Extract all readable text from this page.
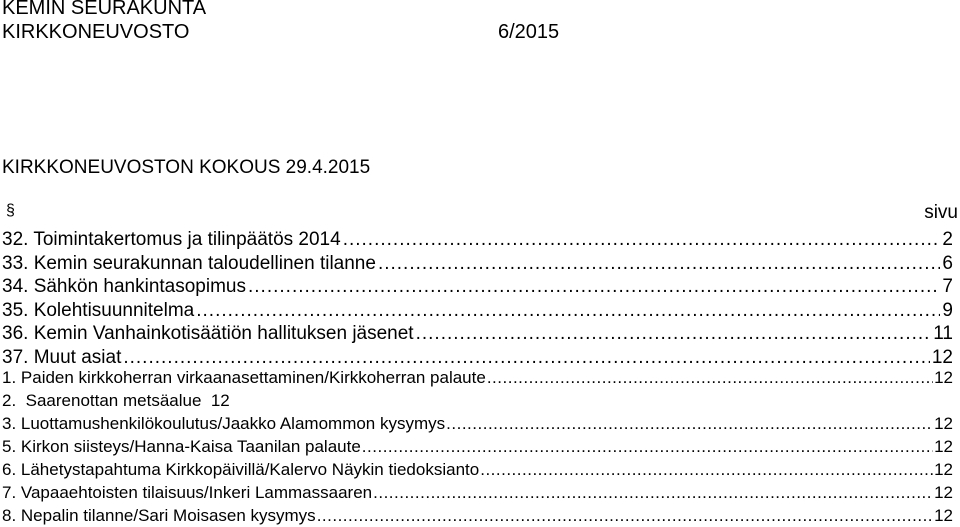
KEMIN SEURAKUNTA
KIRKKONEUVOSTO	6/2015
KIRKKONEUVOSTON KOKOUS 29.4.2015
§	sivu
32. Toimintakertomus ja tilinpäätös 2014 .....	2
33. Kemin seurakunnan taloudellinen tilanne .....	6
34. Sähkön hankintasopimus .....	7
35. Kolehtisuunnitelma .....	9
36. Kemin Vanhainkotisäätiön hallituksen jäsenet .....	11
37. Muut asiat .....	12
1. Paiden kirkkoherran virkaanasettaminen/Kirkkoherran palaute .....	12
2.  Saarenottan metsäalue  12
3. Luottamushenkilökoulutus/Jaakko Alamommon kysymys .....	12
5. Kirkon siisteys/Hanna-Kaisa Taanilan palaute .....	12
6. Lähetystapahtuma Kirkkopäivillä/Kalervo Näykin tiedoksianto .....	12
7. Vapaaehtoisten tilaisuus/Inkeri Lammassaaren .....	12
8. Nepalin tilanne/Sari Moisasen kysymys .....	12
